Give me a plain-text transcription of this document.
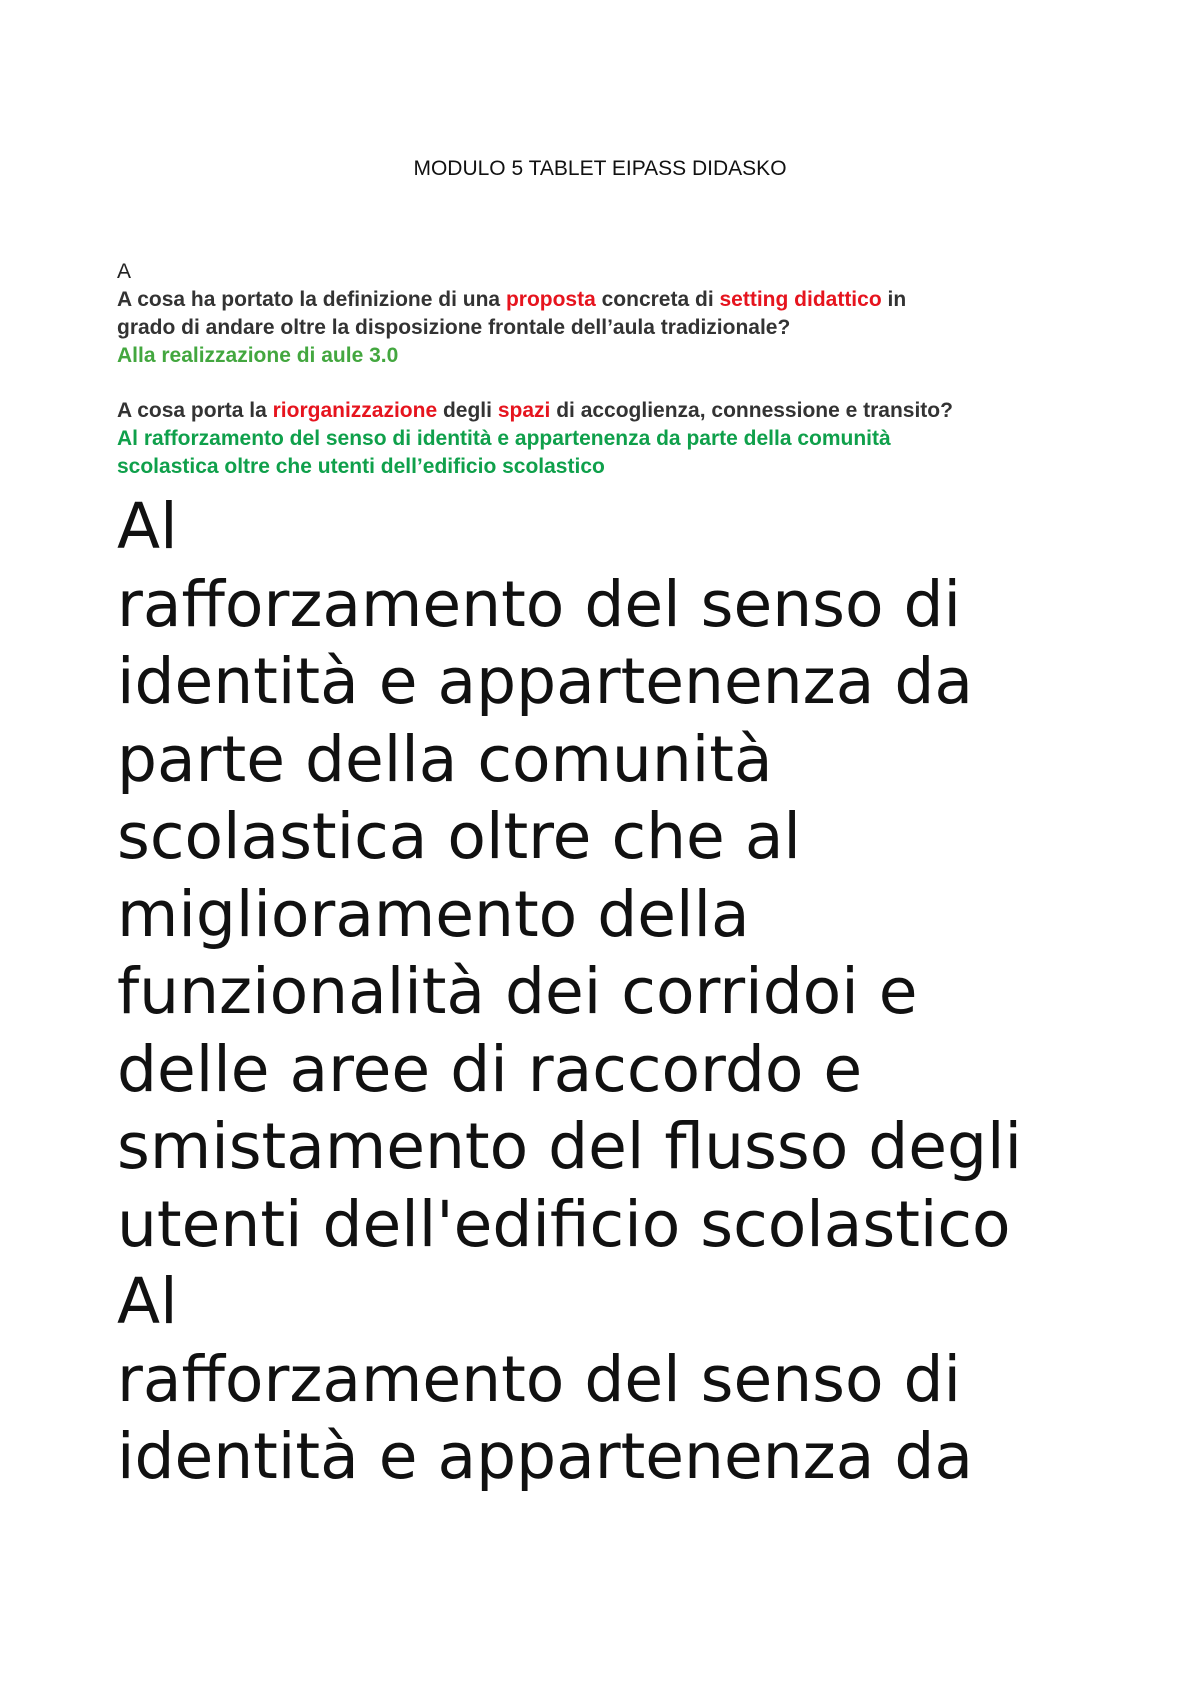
MODULO 5 TABLET EIPASS DIDASKO

A

A cosa ha portato la definizione di una proposta concreta di setting didattico in

grado di andare oltre la disposizione frontale dell’aula tradizionale?

Alla realizzazione di aule 3.0

A cosa porta la riorganizzazione degli spazi di accoglienza, connessione e transito?

Al rafforzamento del senso di identità e appartenenza da parte della comunità

scolastica oltre che utenti dell’edificio scolastico

Al
rafforzamento del senso di
identità e appartenenza da
parte della comunità
scolastica oltre che al
miglioramento della
funzionalità dei corridoi e
delle aree di raccordo e
smistamento del flusso degli
utenti dell'edificio scolastico
Al
rafforzamento del senso di
identità e appartenenza da
